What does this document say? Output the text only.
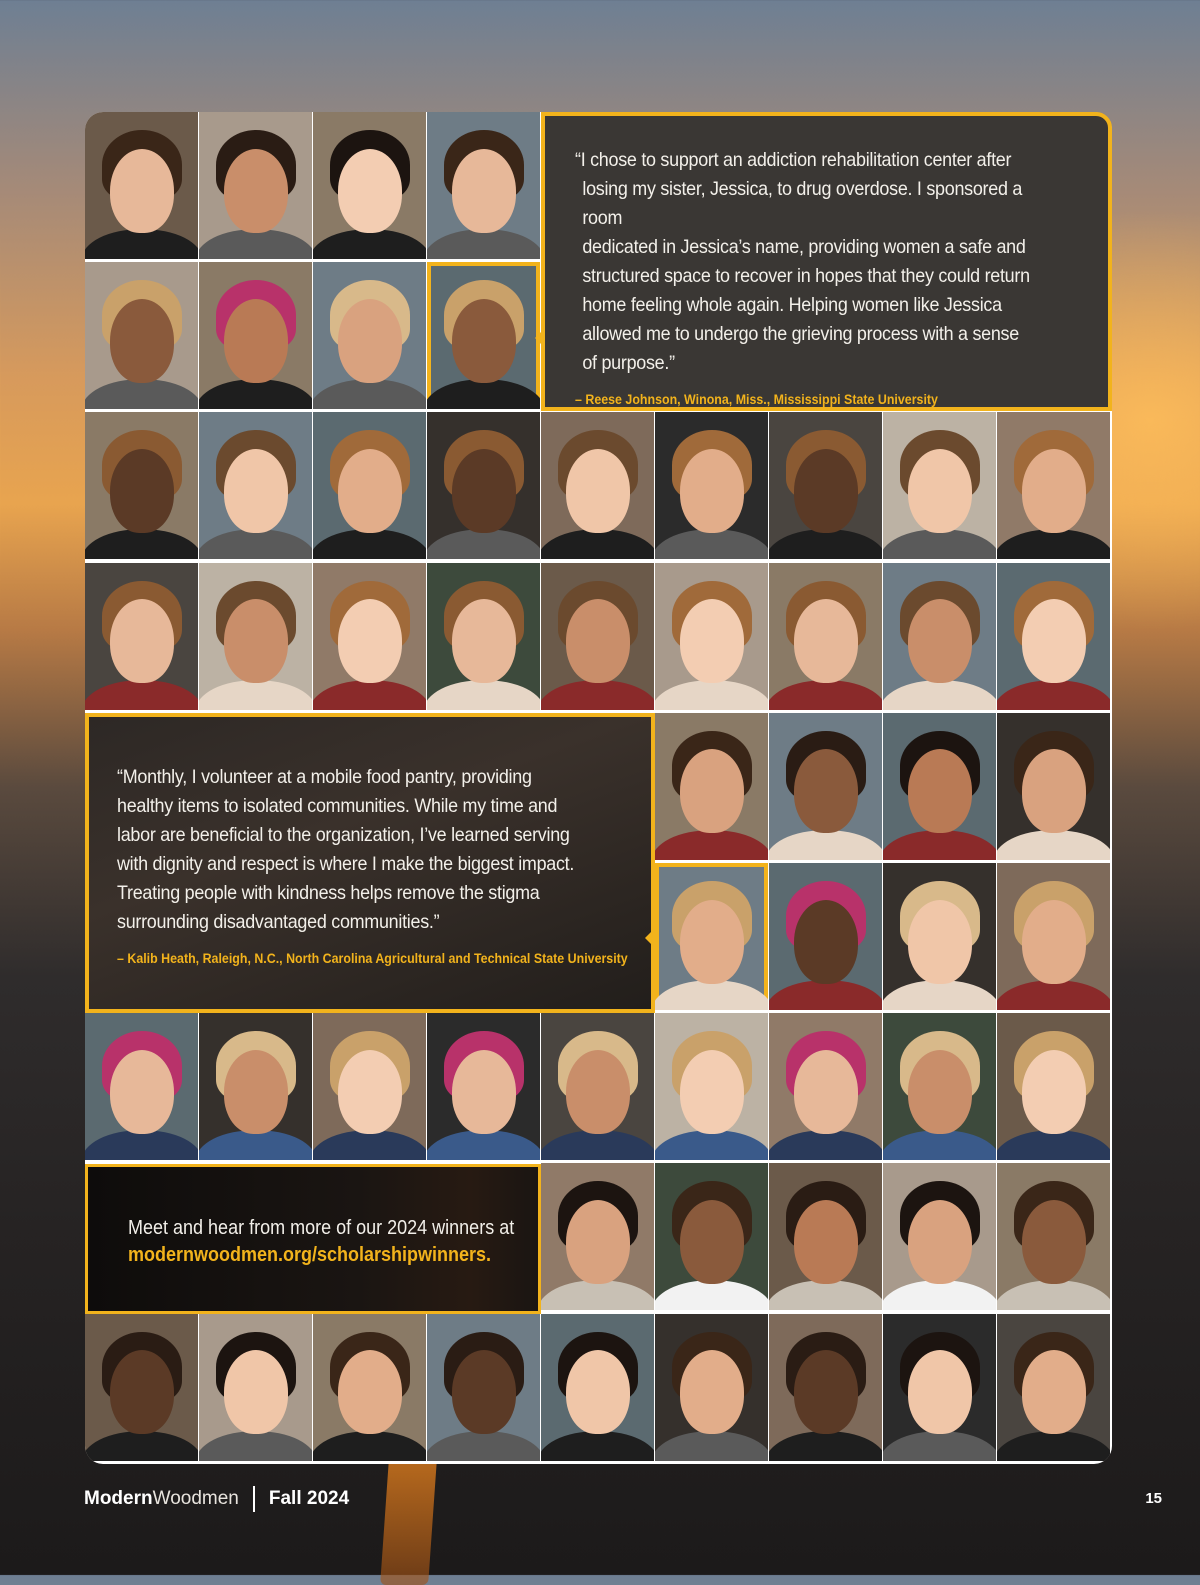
“I chose to support an addiction rehabilitation center after
losing my sister, Jessica, to drug overdose. I sponsored a room
dedicated in Jessica’s name, providing women a safe and
structured space to recover in hopes that they could return
home feeling whole again. Helping women like Jessica
allowed me to undergo the grieving process with a sense
of purpose.”

– Reese Johnson, Winona, Miss., Mississippi State University

“Monthly, I volunteer at a mobile food pantry, providing
healthy items to isolated communities. While my time and
labor are beneficial to the organization, I’ve learned serving
with dignity and respect is where I make the biggest impact.
Treating people with kindness helps remove the stigma
surrounding disadvantaged communities.”

– Kalib Heath, Raleigh, N.C., North Carolina Agricultural and Technical State University
Meet and hear from more of our 2024 winners at
modernwoodmen.org/scholarshipwinners.
Modern Woodmen Fall 2024	15
